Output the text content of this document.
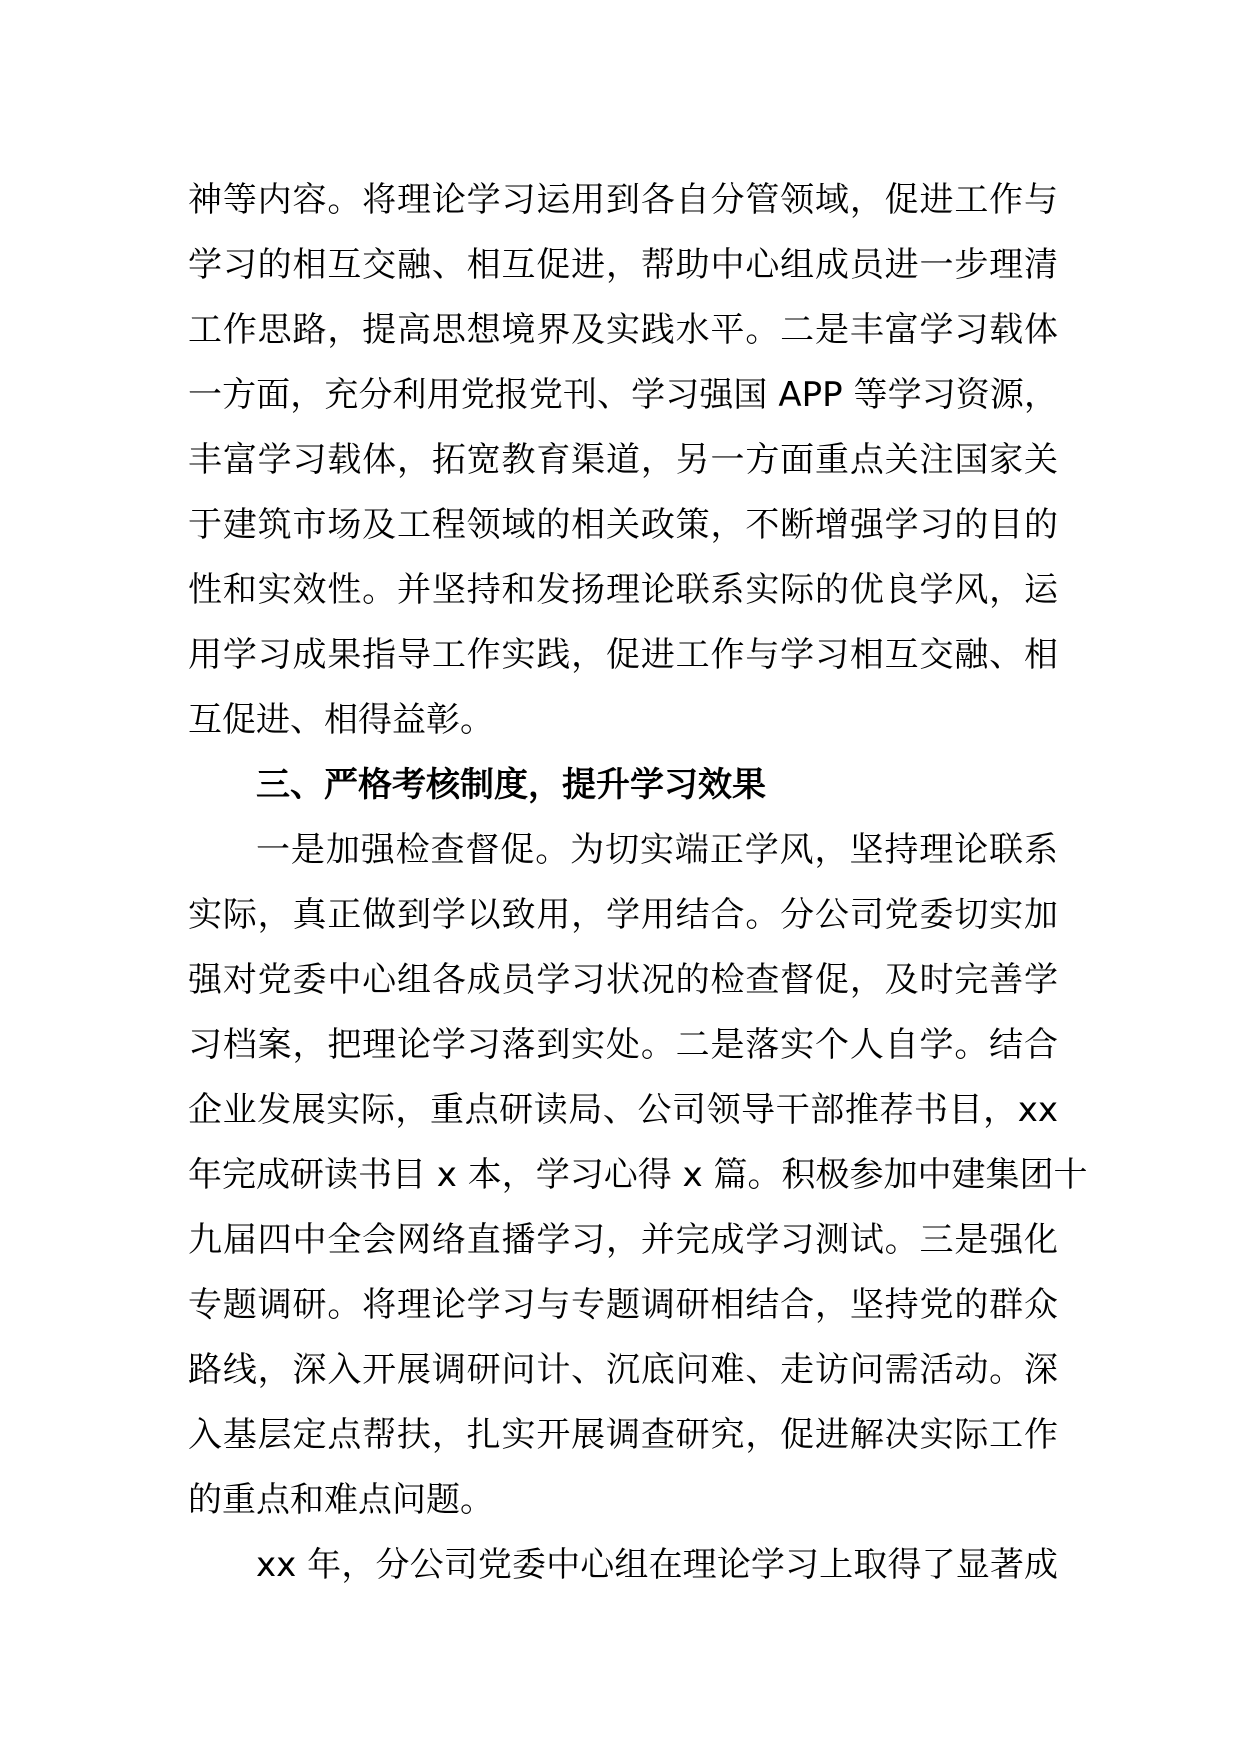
神等内容。将理论学习运用到各自分管领域，促进工作与
学习的相互交融、相互促进，帮助中心组成员进一步理清
工作思路，提高思想境界及实践水平。二是丰富学习载体
一方面，充分利用党报党刊、学习强国 APP 等学习资源，
丰富学习载体，拓宽教育渠道，另一方面重点关注国家关
于建筑市场及工程领域的相关政策，不断增强学习的目的
性和实效性。并坚持和发扬理论联系实际的优良学风，运
用学习成果指导工作实践，促进工作与学习相互交融、相
互促进、相得益彰。
三、严格考核制度，提升学习效果
一是加强检查督促。为切实端正学风，坚持理论联系
实际，真正做到学以致用，学用结合。分公司党委切实加
强对党委中心组各成员学习状况的检查督促，及时完善学
习档案，把理论学习落到实处。二是落实个人自学。结合
企业发展实际，重点研读局、公司领导干部推荐书目，xx
年完成研读书目 x 本，学习心得 x 篇。积极参加中建集团十
九届四中全会网络直播学习，并完成学习测试。三是强化
专题调研。将理论学习与专题调研相结合，坚持党的群众
路线，深入开展调研问计、沉底问难、走访问需活动。深
入基层定点帮扶，扎实开展调查研究，促进解决实际工作
的重点和难点问题。
xx 年，分公司党委中心组在理论学习上取得了显著成
